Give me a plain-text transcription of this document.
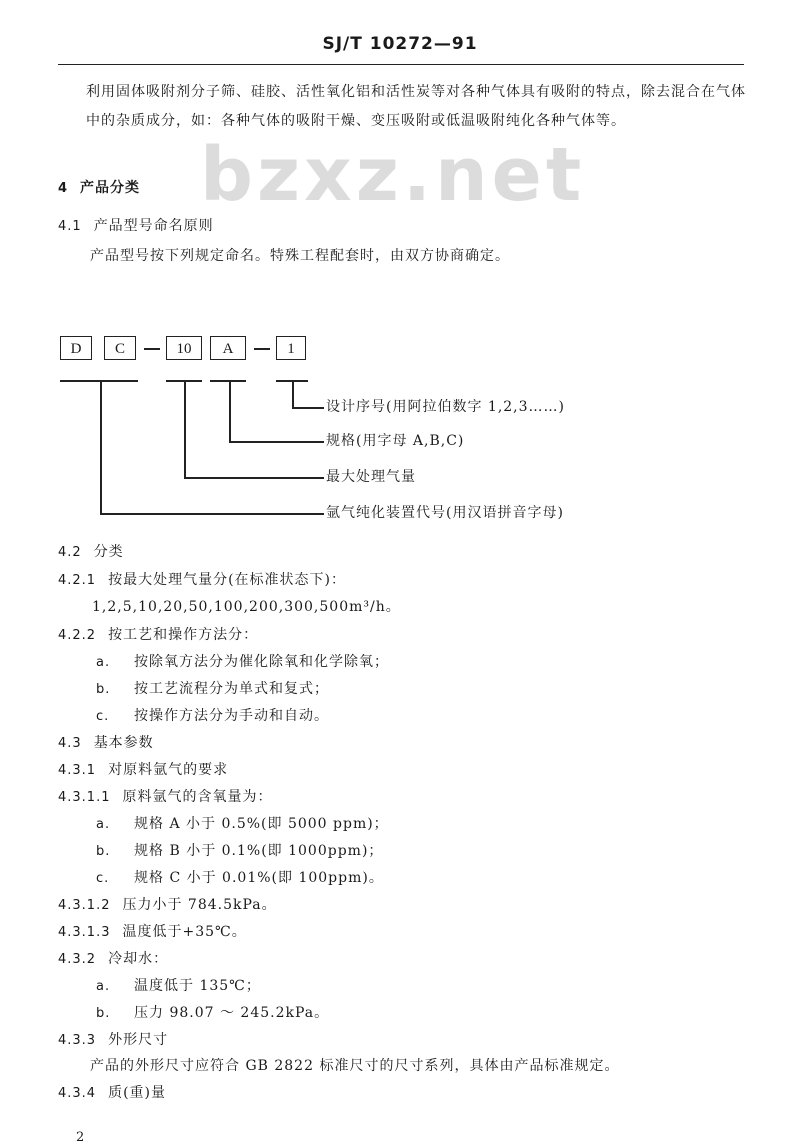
SJ/T 10272—91
bzxz.net
利用固体吸附剂分子筛、硅胶、活性氧化铝和活性炭等对各种气体具有吸附的特点，除去混合在气体中的杂质成分，如：各种气体的吸附干燥、变压吸附或低温吸附纯化各种气体等。
4 产品分类
4.1 产品型号命名原则
产品型号按下列规定命名。特殊工程配套时，由双方协商确定。
D	C	10	A	1
设计序号(用阿拉伯数字 1,2,3……)
规格(用字母 A,B,C)
最大处理气量
氩气纯化装置代号(用汉语拼音字母)
4.2 分类
4.2.1 按最大处理气量分(在标准状态下)：
1,2,5,10,20,50,100,200,300,500m³/h。
4.2.2 按工艺和操作方法分：
a. 按除氧方法分为催化除氧和化学除氧；
b. 按工艺流程分为单式和复式；
c. 按操作方法分为手动和自动。
4.3 基本参数
4.3.1 对原料氩气的要求
4.3.1.1 原料氩气的含氧量为：
a. 规格 A 小于 0.5%(即 5000 ppm)；
b. 规格 B 小于 0.1%(即 1000ppm)；
c. 规格 C 小于 0.01%(即 100ppm)。
4.3.1.2 压力小于 784.5kPa。
4.3.1.3 温度低于+35℃。
4.3.2 冷却水：
a. 温度低于 135℃；
b. 压力 98.07 ～ 245.2kPa。
4.3.3 外形尺寸
产品的外形尺寸应符合 GB 2822 标准尺寸的尺寸系列，具体由产品标准规定。
4.3.4 质(重)量
2
